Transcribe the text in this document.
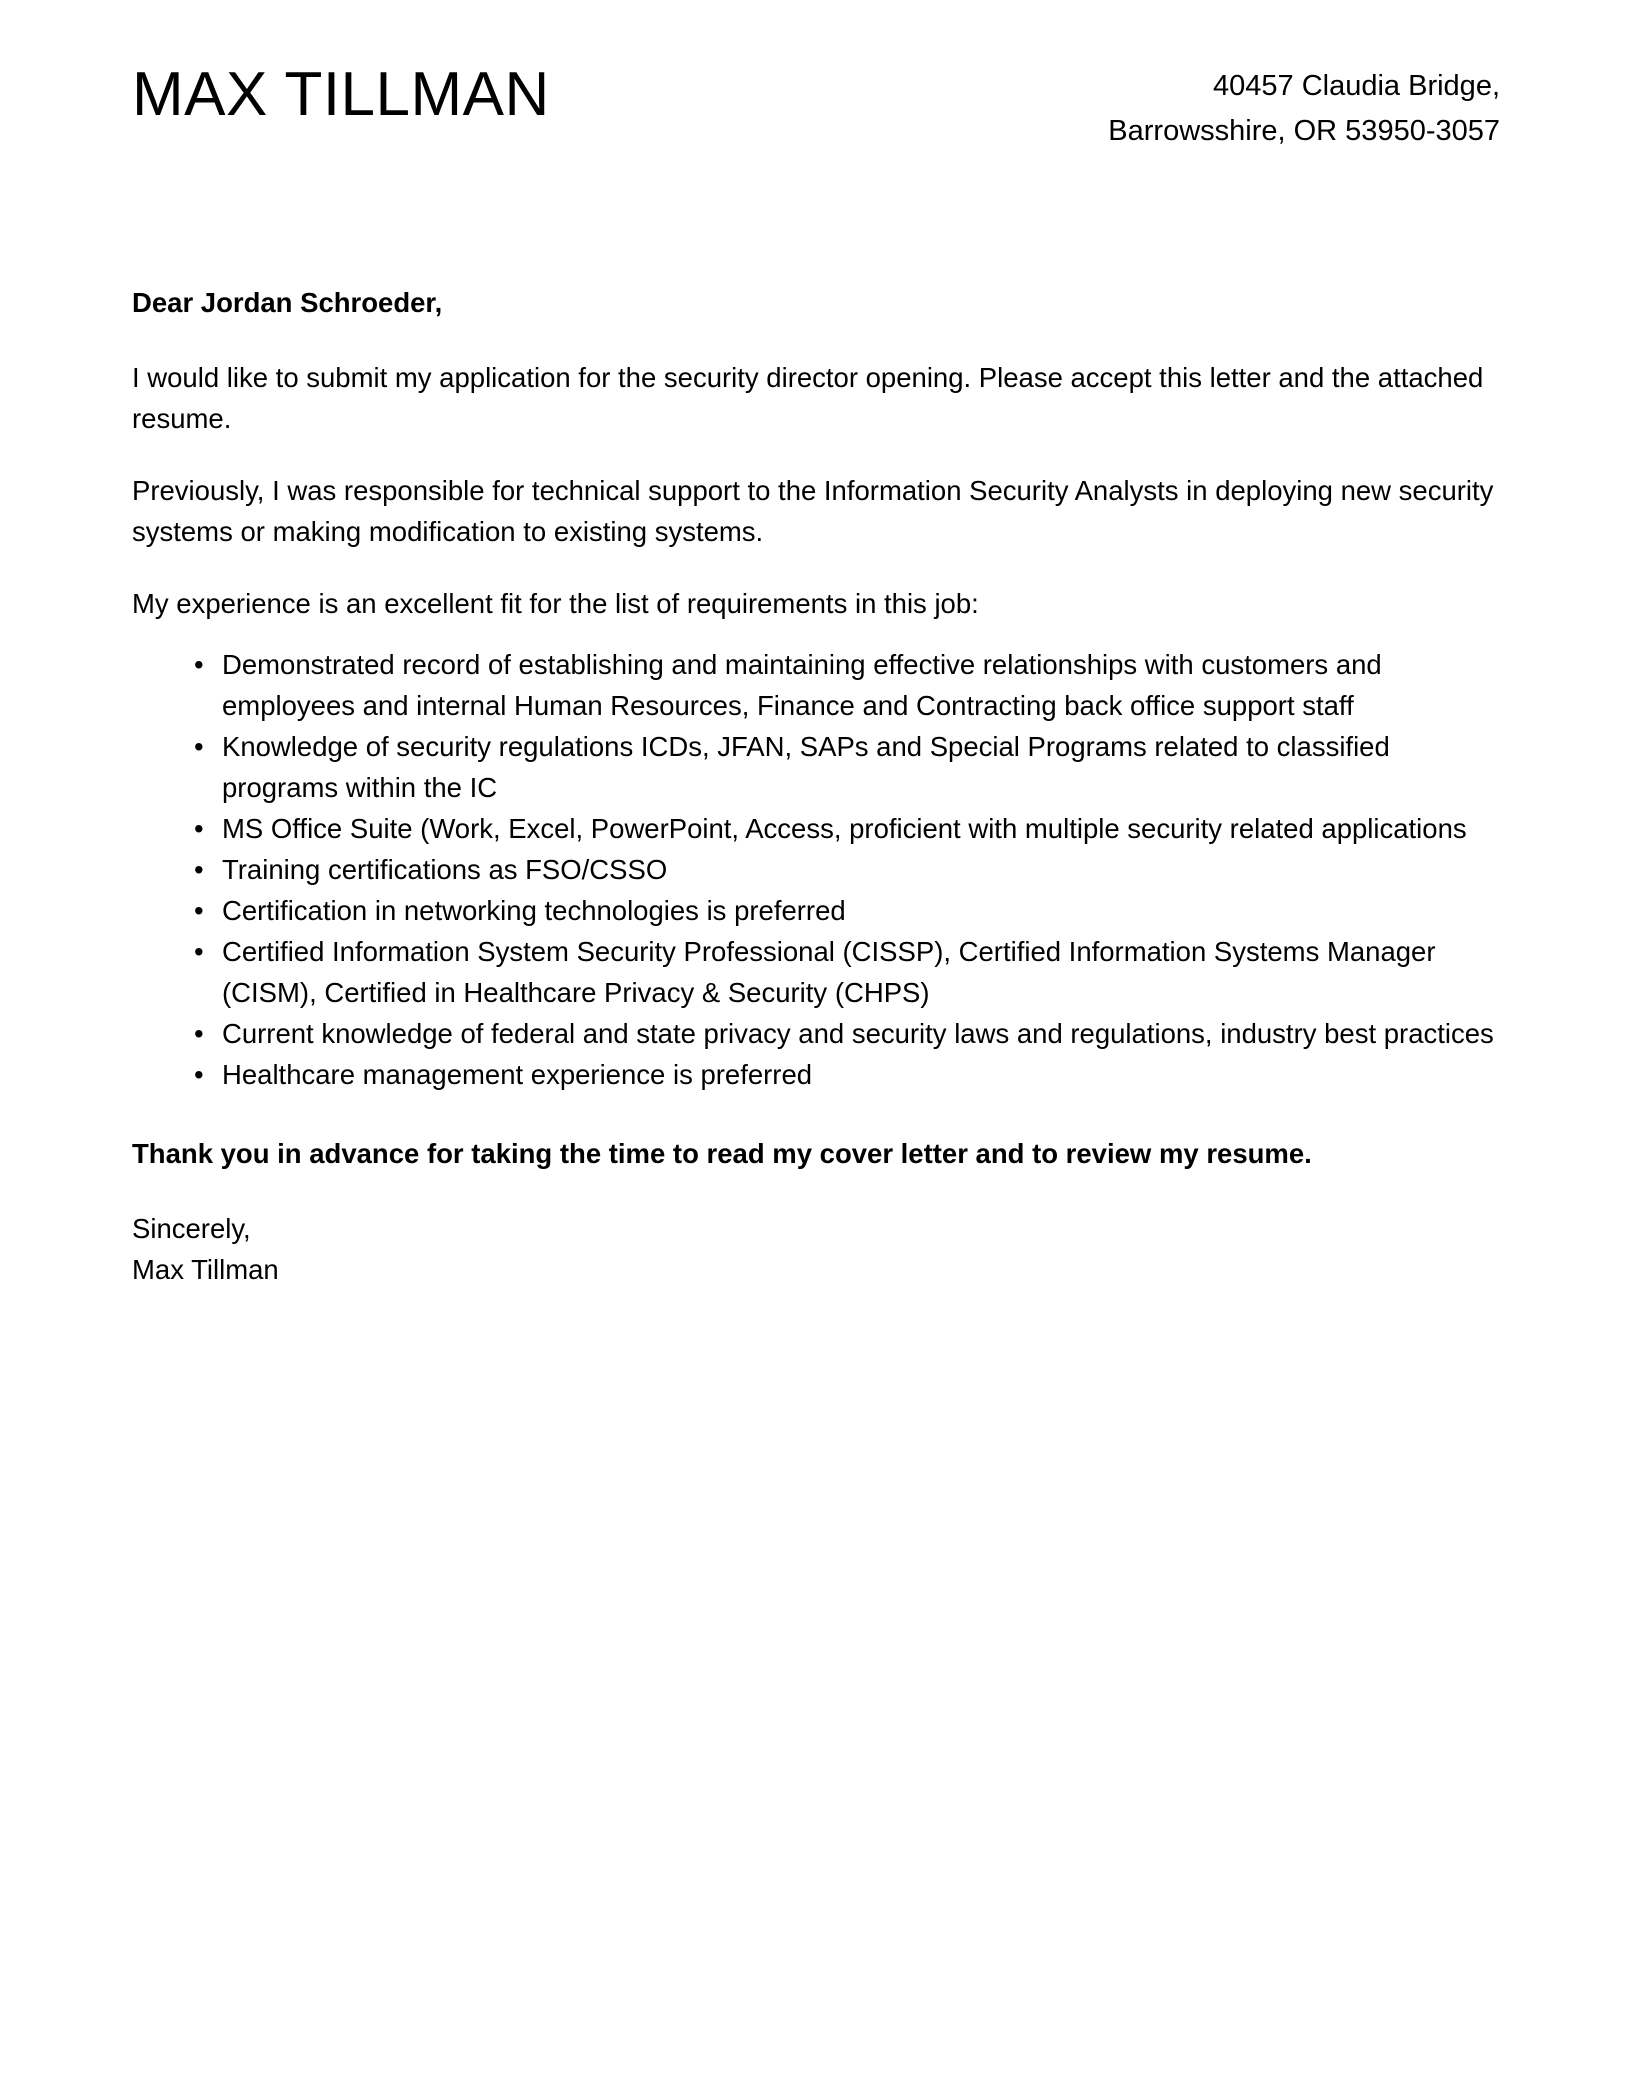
MAX TILLMAN	40457 Claudia Bridge,
Barrowsshire, OR 53950-3057

Dear Jordan Schroeder,

I would like to submit my application for the security director opening. Please accept this letter and the attached resume.

Previously, I was responsible for technical support to the Information Security Analysts in deploying new security systems or making modification to existing systems.

My experience is an excellent fit for the list of requirements in this job:

• Demonstrated record of establishing and maintaining effective relationships with customers and employees and internal Human Resources, Finance and Contracting back office support staff
• Knowledge of security regulations ICDs, JFAN, SAPs and Special Programs related to classified programs within the IC
• MS Office Suite (Work, Excel, PowerPoint, Access, proficient with multiple security related applications
• Training certifications as FSO/CSSO
• Certification in networking technologies is preferred
• Certified Information System Security Professional (CISSP), Certified Information Systems Manager (CISM), Certified in Healthcare Privacy & Security (CHPS)
• Current knowledge of federal and state privacy and security laws and regulations, industry best practices
• Healthcare management experience is preferred

Thank you in advance for taking the time to read my cover letter and to review my resume.

Sincerely,
Max Tillman
